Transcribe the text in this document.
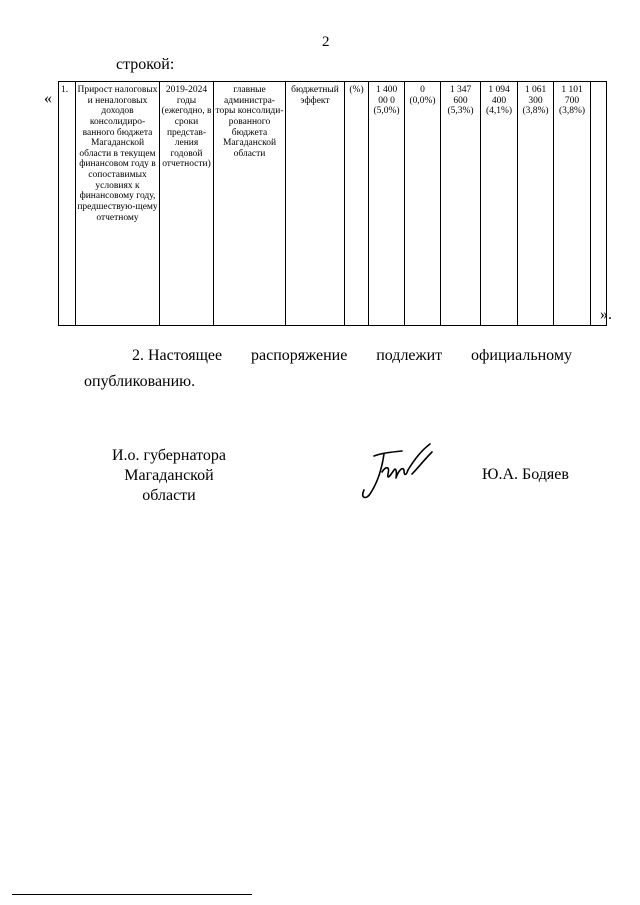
2
строкой:
« 1.	Прирост налоговых и неналоговых доходов консолидиро-ванного бюджета Магаданской области в текущем финансовом году в сопоставимых условиях к финансовому году, предшествую-щему отчетному	2019-2024 годы (ежегодно, в сроки представ-ления годовой отчетности)	главные администра-торы консолиди-рованного бюджета Магаданской области	бюджетный эффект	(%)	1 400 00 0 (5,0%)	0 (0,0%)	1 347 600 (5,3%)	1 094 400 (4,1%)	1 061 300 (3,8%)	1 101 700 (3,8%)	
».
2. Настоящее распоряжение подлежит официальному
опубликованию.
И.о. губернатора
Магаданской области
Ю.А. Бодяев
